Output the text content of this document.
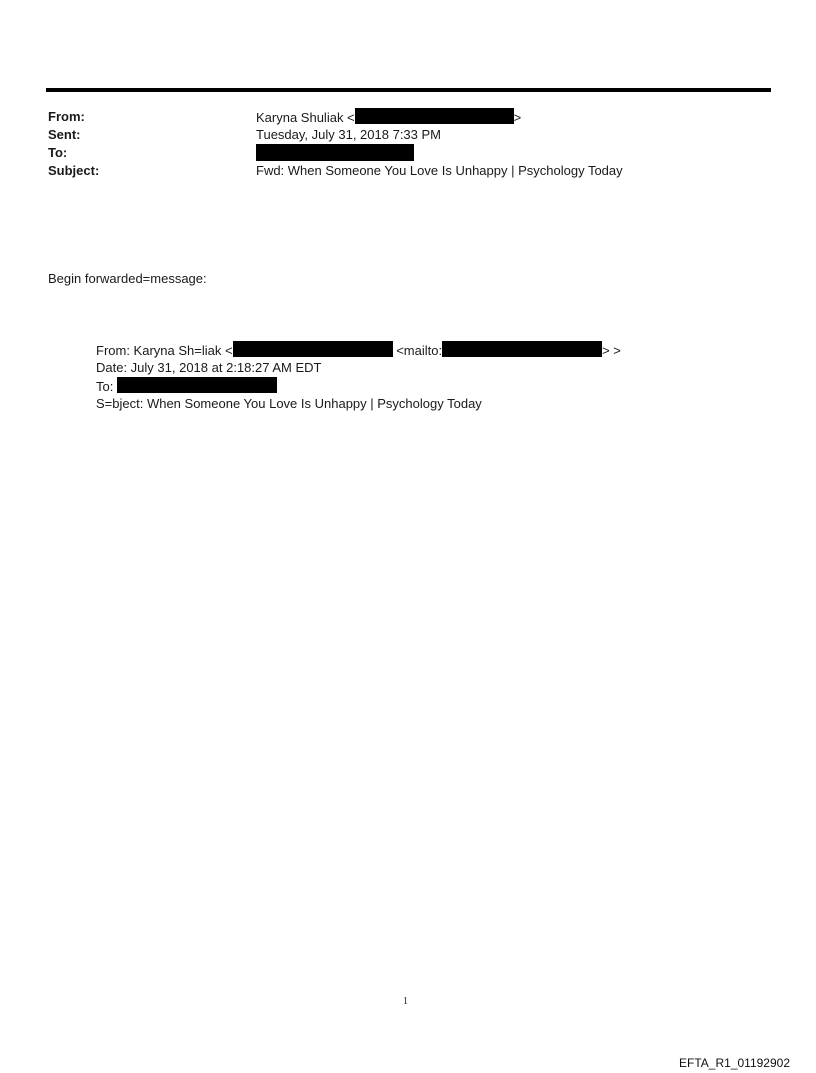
From:	Karyna Shuliak <	>
Sent:	Tuesday, July 31, 2018 7:33 PM
To:
Subject:	Fwd: When Someone You Love Is Unhappy | Psychology Today
Begin forwarded=message:
From: Karyna Sh=liak <	<mailto:	> >
Date: July 31, 2018 at 2:18:27 AM EDT
To:
S=bject: When Someone You Love Is Unhappy | Psychology Today
1
EFTA_R1_01192902
